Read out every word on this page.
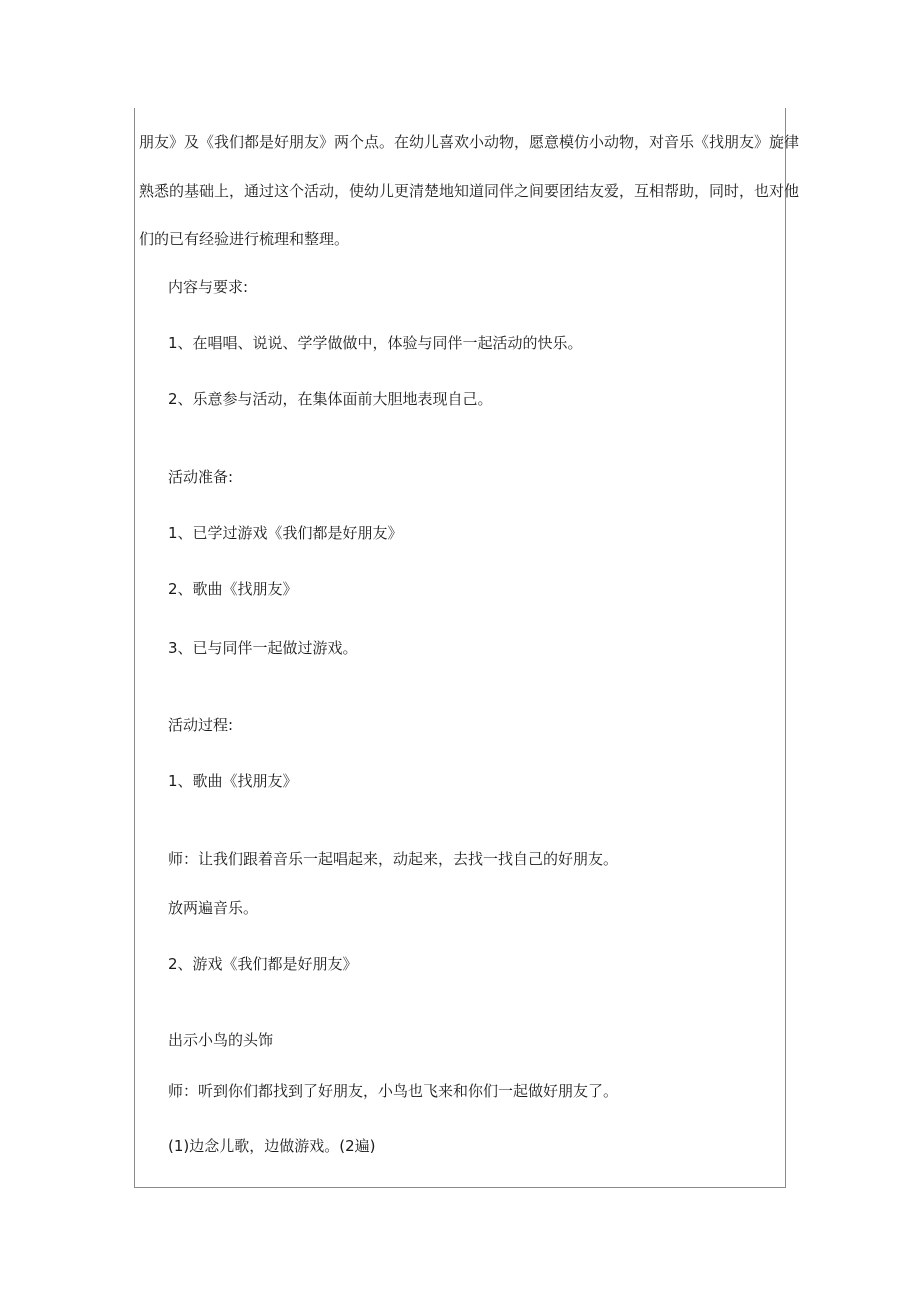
朋友》及《我们都是好朋友》两个点。在幼儿喜欢小动物，愿意模仿小动物，对音乐《找朋友》旋律
熟悉的基础上，通过这个活动，使幼儿更清楚地知道同伴之间要团结友爱，互相帮助，同时，也对他
们的已有经验进行梳理和整理。
内容与要求:
1、在唱唱、说说、学学做做中，体验与同伴一起活动的快乐。
2、乐意参与活动，在集体面前大胆地表现自己。
活动准备:
1、已学过游戏《我们都是好朋友》
2、歌曲《找朋友》
3、已与同伴一起做过游戏。
活动过程:
1、歌曲《找朋友》
师：让我们跟着音乐一起唱起来，动起来，去找一找自己的好朋友。
放两遍音乐。
2、游戏《我们都是好朋友》
出示小鸟的头饰
师：听到你们都找到了好朋友，小鸟也飞来和你们一起做好朋友了。
(1)边念儿歌，边做游戏。(2遍)
